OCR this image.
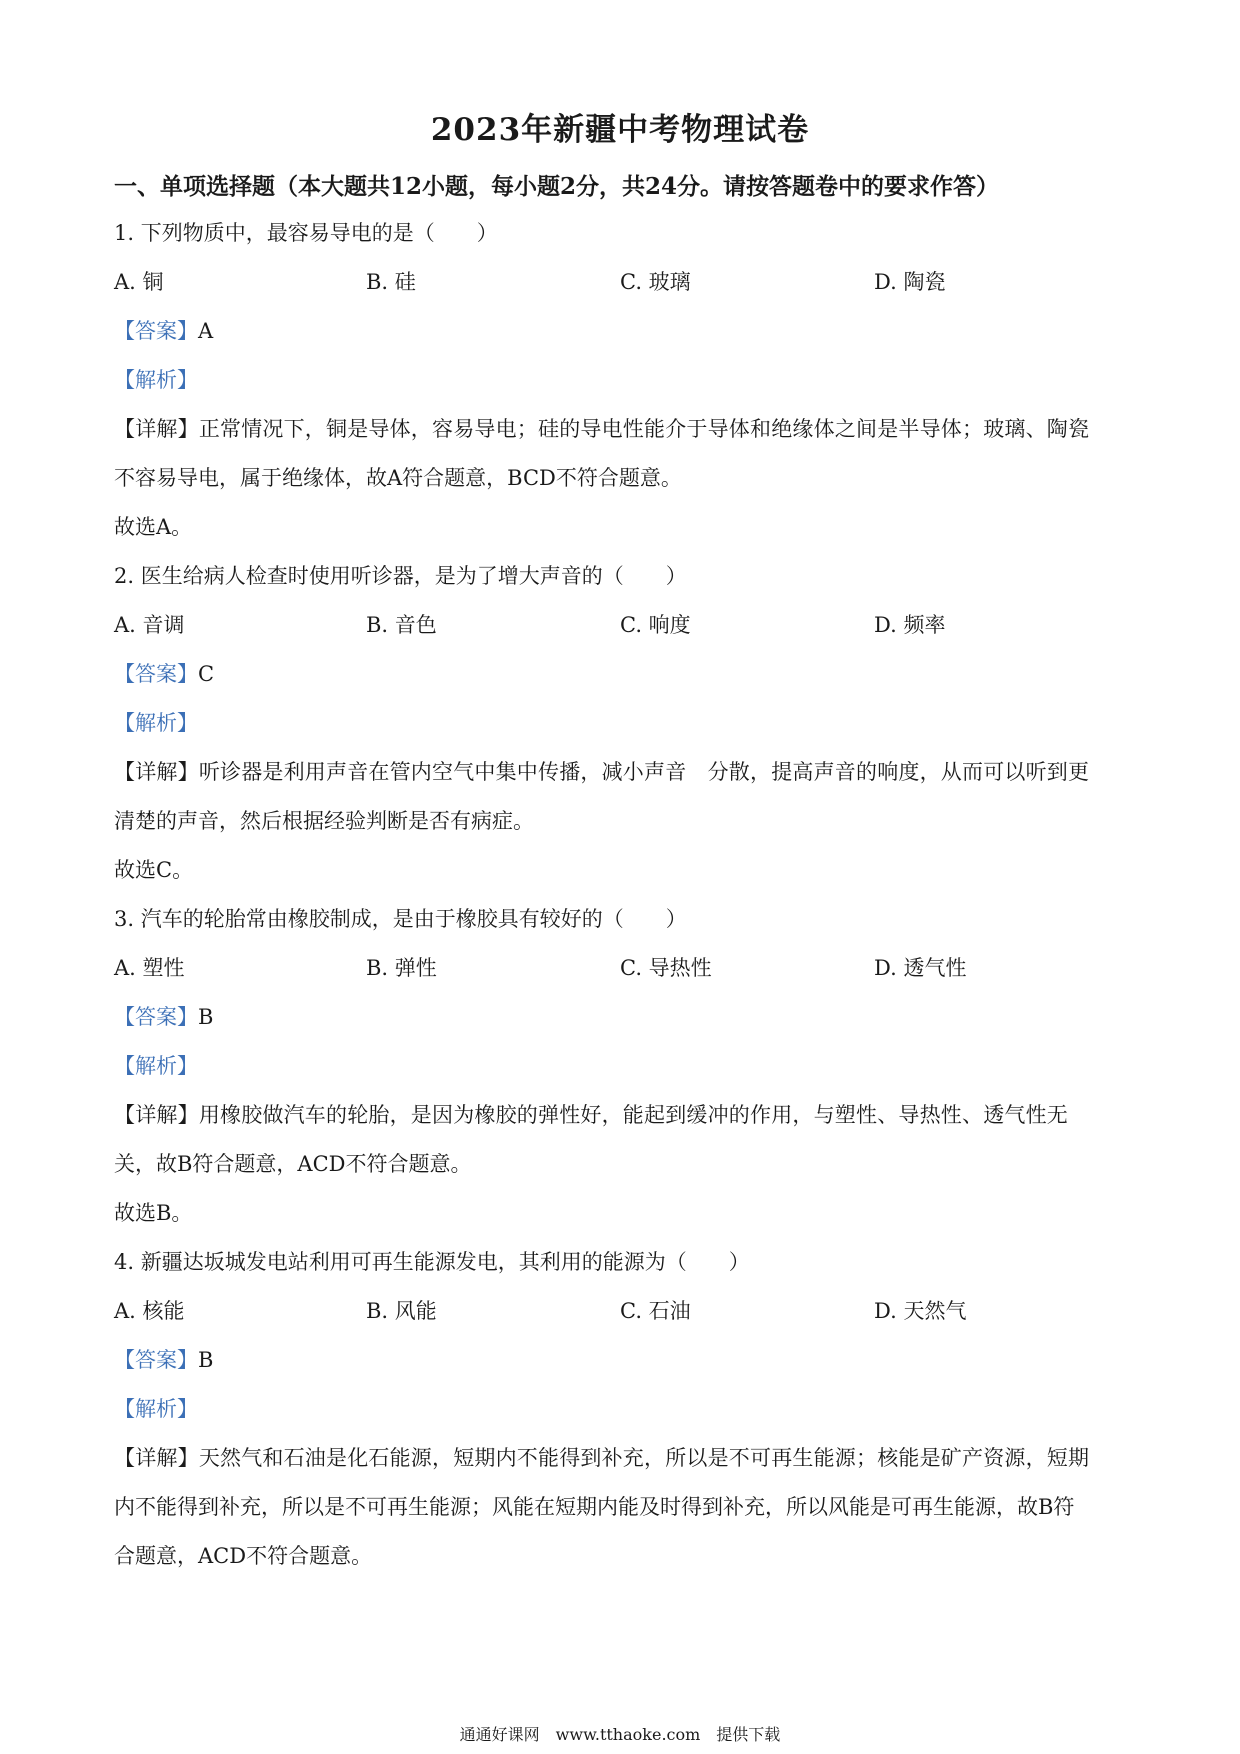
2023年新疆中考物理试卷
一、单项选择题（本大题共12小题，每小题2分，共24分。请按答题卷中的要求作答）
1. 下列物质中，最容易导电的是（　　）
A. 铜	B. 硅	C. 玻璃	D. 陶瓷
【答案】A
【解析】
【详解】正常情况下，铜是导体，容易导电；硅的导电性能介于导体和绝缘体之间是半导体；玻璃、陶瓷
不容易导电，属于绝缘体，故A符合题意，BCD不符合题意。
故选A。
2. 医生给病人检查时使用听诊器，是为了增大声音的（　　）
A. 音调	B. 音色	C. 响度	D. 频率
【答案】C
【解析】
【详解】听诊器是利用声音在管内空气中集中传播，减小声音　分散，提高声音的响度，从而可以听到更
清楚的声音，然后根据经验判断是否有病症。
故选C。
3. 汽车的轮胎常由橡胶制成，是由于橡胶具有较好的（　　）
A. 塑性	B. 弹性	C. 导热性	D. 透气性
【答案】B
【解析】
【详解】用橡胶做汽车的轮胎，是因为橡胶的弹性好，能起到缓冲的作用，与塑性、导热性、透气性无
关，故B符合题意，ACD不符合题意。
故选B。
4. 新疆达坂城发电站利用可再生能源发电，其利用的能源为（　　）
A. 核能	B. 风能	C. 石油	D. 天然气
【答案】B
【解析】
【详解】天然气和石油是化石能源，短期内不能得到补充，所以是不可再生能源；核能是矿产资源，短期
内不能得到补充，所以是不可再生能源；风能在短期内能及时得到补充，所以风能是可再生能源，故B符
合题意，ACD不符合题意。
通通好课网　www.tthaoke.com　提供下载
